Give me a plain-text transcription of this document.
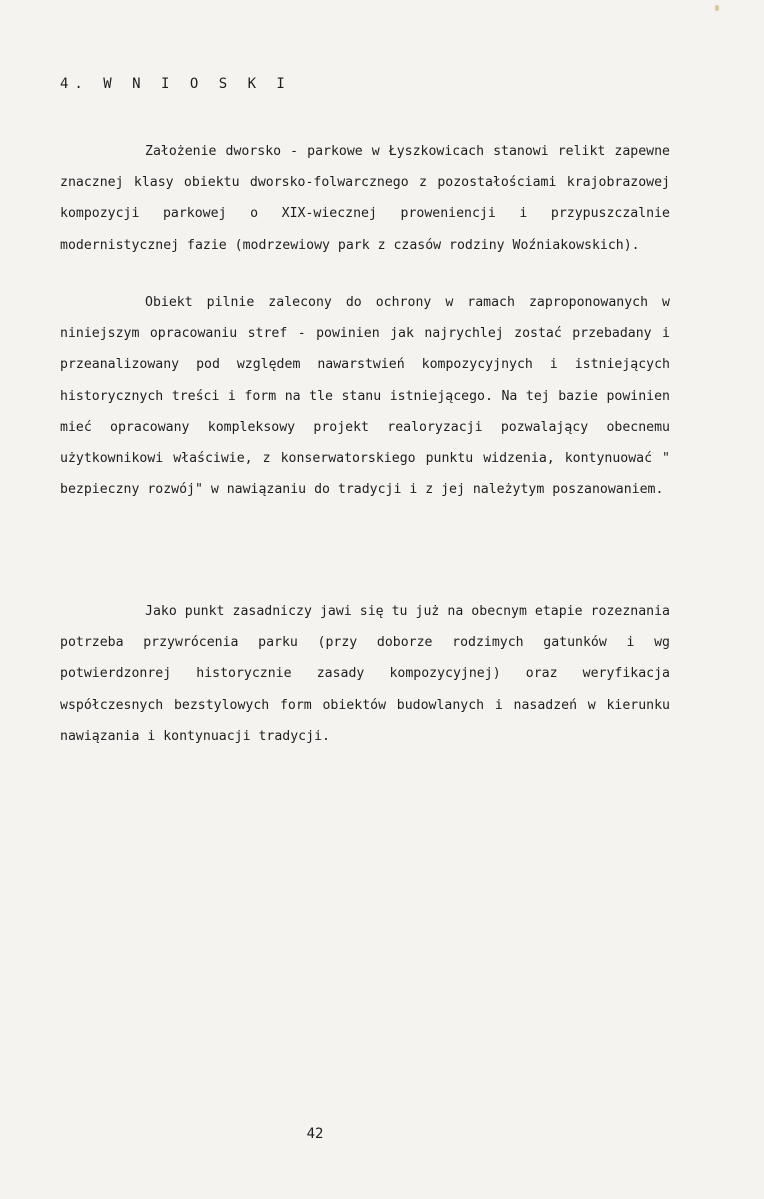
4. W N I O S K I

Założenie dworsko - parkowe w Łyszkowicach stanowi relikt zapewne znacznej klasy obiektu dworsko-folwarcznego z pozostałościami krajobrazowej kompozycji parkowej o XIX-wiecznej proweniencji i przypuszczalnie modernistycznej fazie (modrzewiowy park z czasów rodziny Woźniakowskich).

Obiekt pilnie zalecony do ochrony w ramach zaproponowanych w niniejszym opracowaniu stref - powinien jak najrychlej zostać przebadany i przeanalizowany pod względem nawarstwień kompozycyjnych i istniejących historycznych treści i form na tle stanu istniejącego. Na tej bazie powinien mieć opracowany kompleksowy projekt realoryzacji pozwalający obecnemu użytkownikowi właściwie, z konserwatorskiego punktu widzenia, kontynuować " bezpieczny rozwój" w nawiązaniu do tradycji i z jej należytym poszanowaniem.

Jako punkt zasadniczy jawi się tu już na obecnym etapie rozeznania potrzeba przywrócenia parku (przy doborze rodzimych gatunków i wg potwierdzonrej historycznie zasady kompozycyjnej) oraz weryfikacja współczesnych bezstylowych form obiektów budowlanych i nasadzeń w kierunku nawiązania i kontynuacji tradycji.

42
